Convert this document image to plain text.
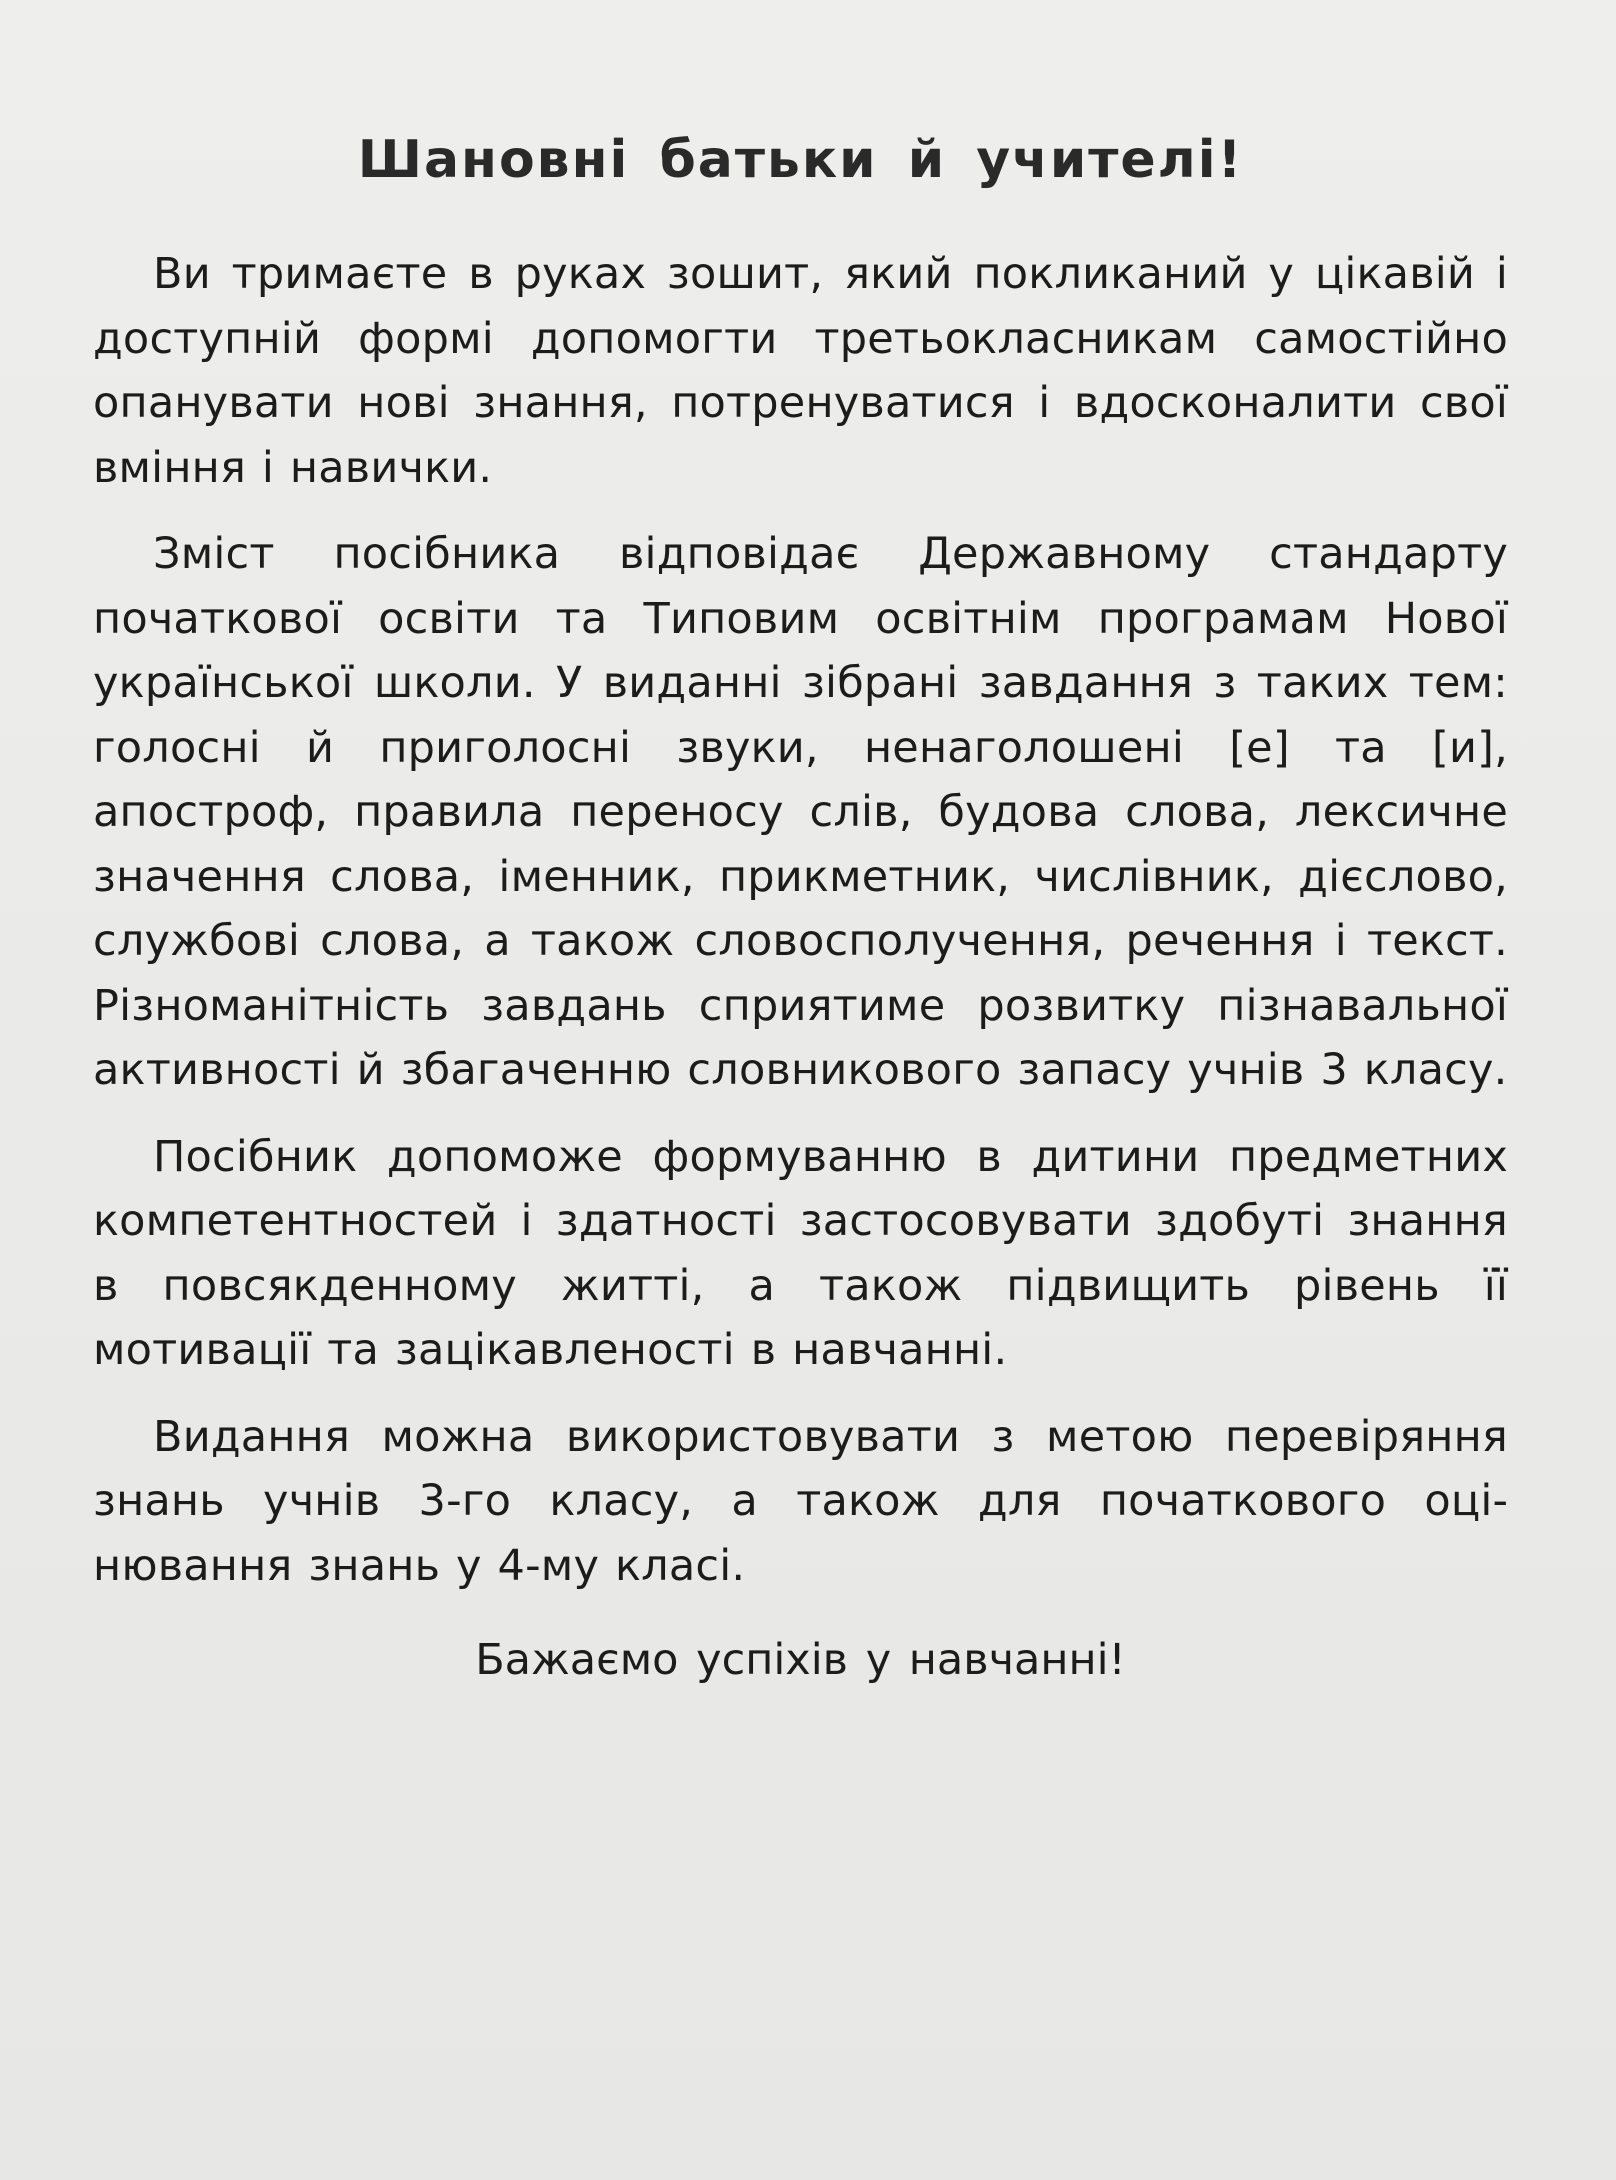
Шановні батьки й учителі!

Ви тримаєте в руках зошит, який покликаний у цікавій і доступній формі допомогти третьокласникам самостійно опанувати нові знання, потренуватися і вдосконалити свої вміння і навички.

Зміст посібника відповідає Державному стандарту початкової освіти та Типовим освітнім програмам Нової української школи. У виданні зібрані завдання з таких тем: голосні й приголосні звуки, ненаголошені [е] та [и], апостроф, правила переносу слів, будова слова, лексичне значення слова, іменник, прикметник, числівник, дієслово, службові слова, а також словосполучення, речення і текст. Різноманітність завдань сприятиме розвитку пізнавальної активності й збагаченню словникового запасу учнів 3 класу.

Посібник допоможе формуванню в дитини предметних компетентностей і здатності застосовувати здобуті знання в повсякденному житті, а також підвищить рівень її мотивації та зацікавленості в навчанні.

Видання можна використовувати з метою перевіряння знань учнів 3-го класу, а також для початкового оцінювання знань у 4-му класі.

Бажаємо успіхів у навчанні!
